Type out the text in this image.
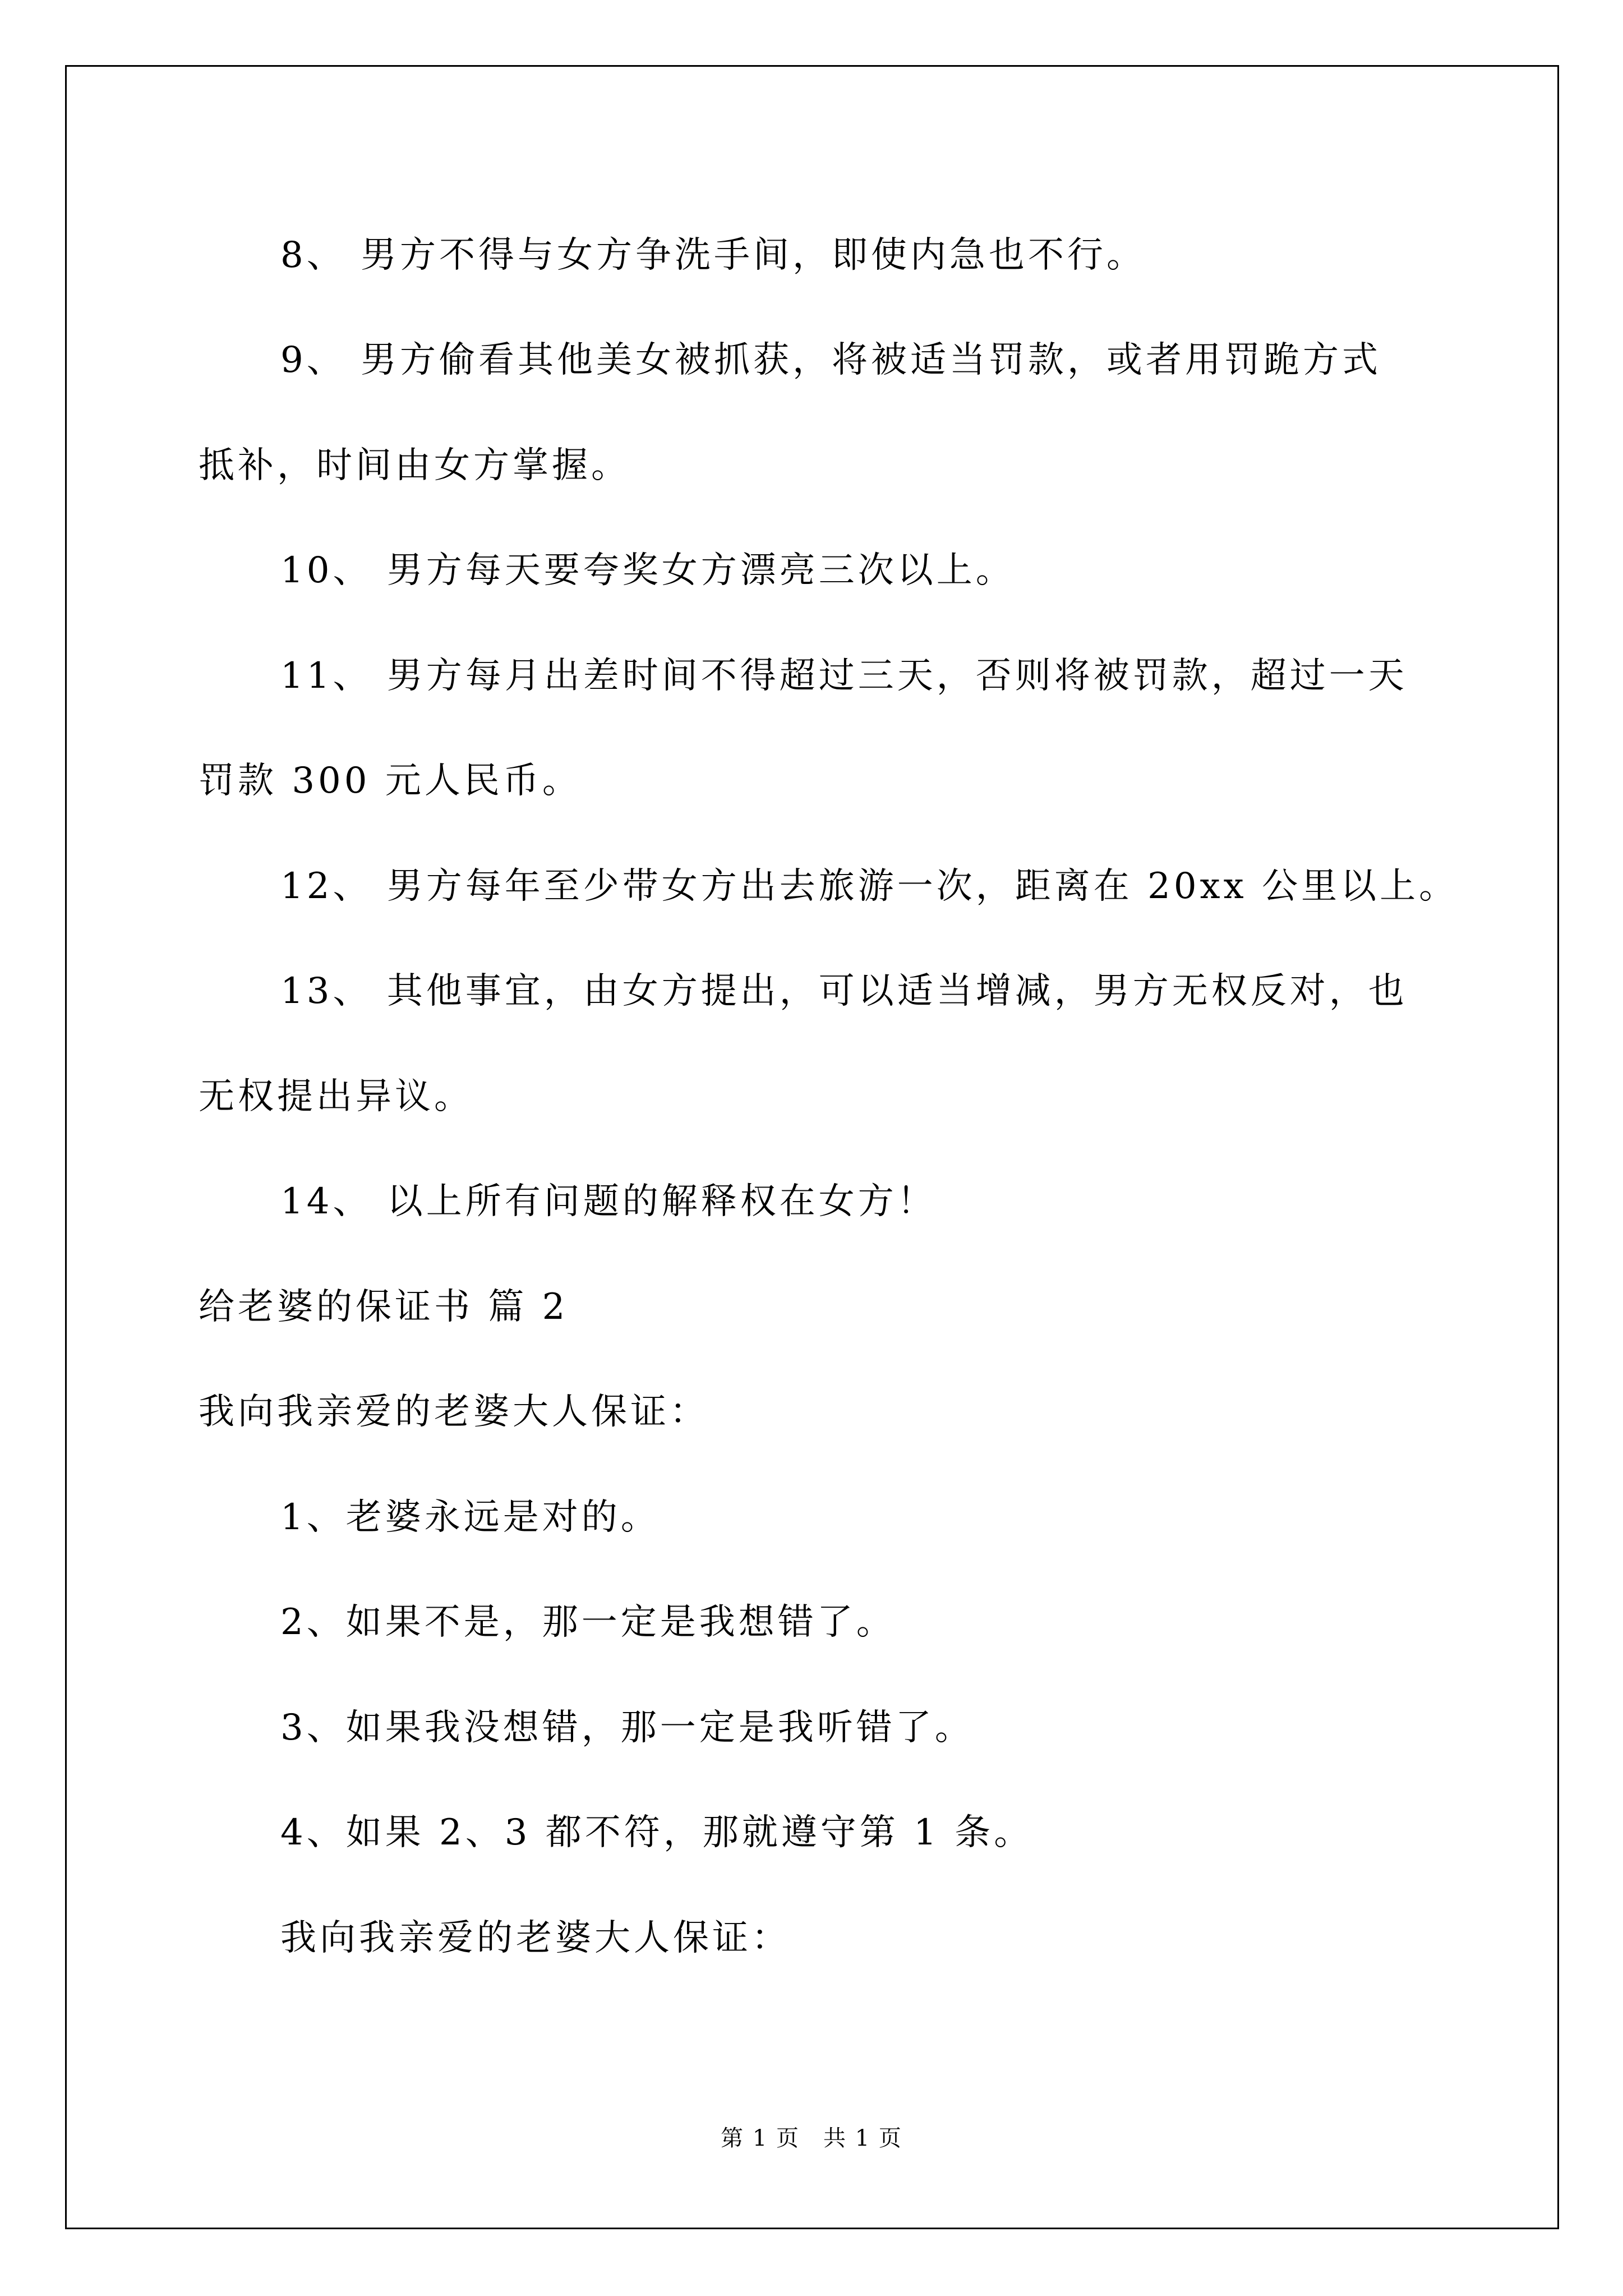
8、 男方不得与女方争洗手间，即使内急也不行。
9、 男方偷看其他美女被抓获，将被适当罚款，或者用罚跪方式
抵补，时间由女方掌握。
10、 男方每天要夸奖女方漂亮三次以上。
11、 男方每月出差时间不得超过三天，否则将被罚款，超过一天
罚款 300 元人民币。
12、 男方每年至少带女方出去旅游一次，距离在 20xx 公里以上。
13、 其他事宜，由女方提出，可以适当增减，男方无权反对，也
无权提出异议。
14、 以上所有问题的解释权在女方！
给老婆的保证书 篇 2
我向我亲爱的老婆大人保证：
1、老婆永远是对的。
2、如果不是，那一定是我想错了。
3、如果我没想错，那一定是我听错了。
4、如果 2、3 都不符，那就遵守第 1 条。
我向我亲爱的老婆大人保证：
第 1 页　共 1 页
